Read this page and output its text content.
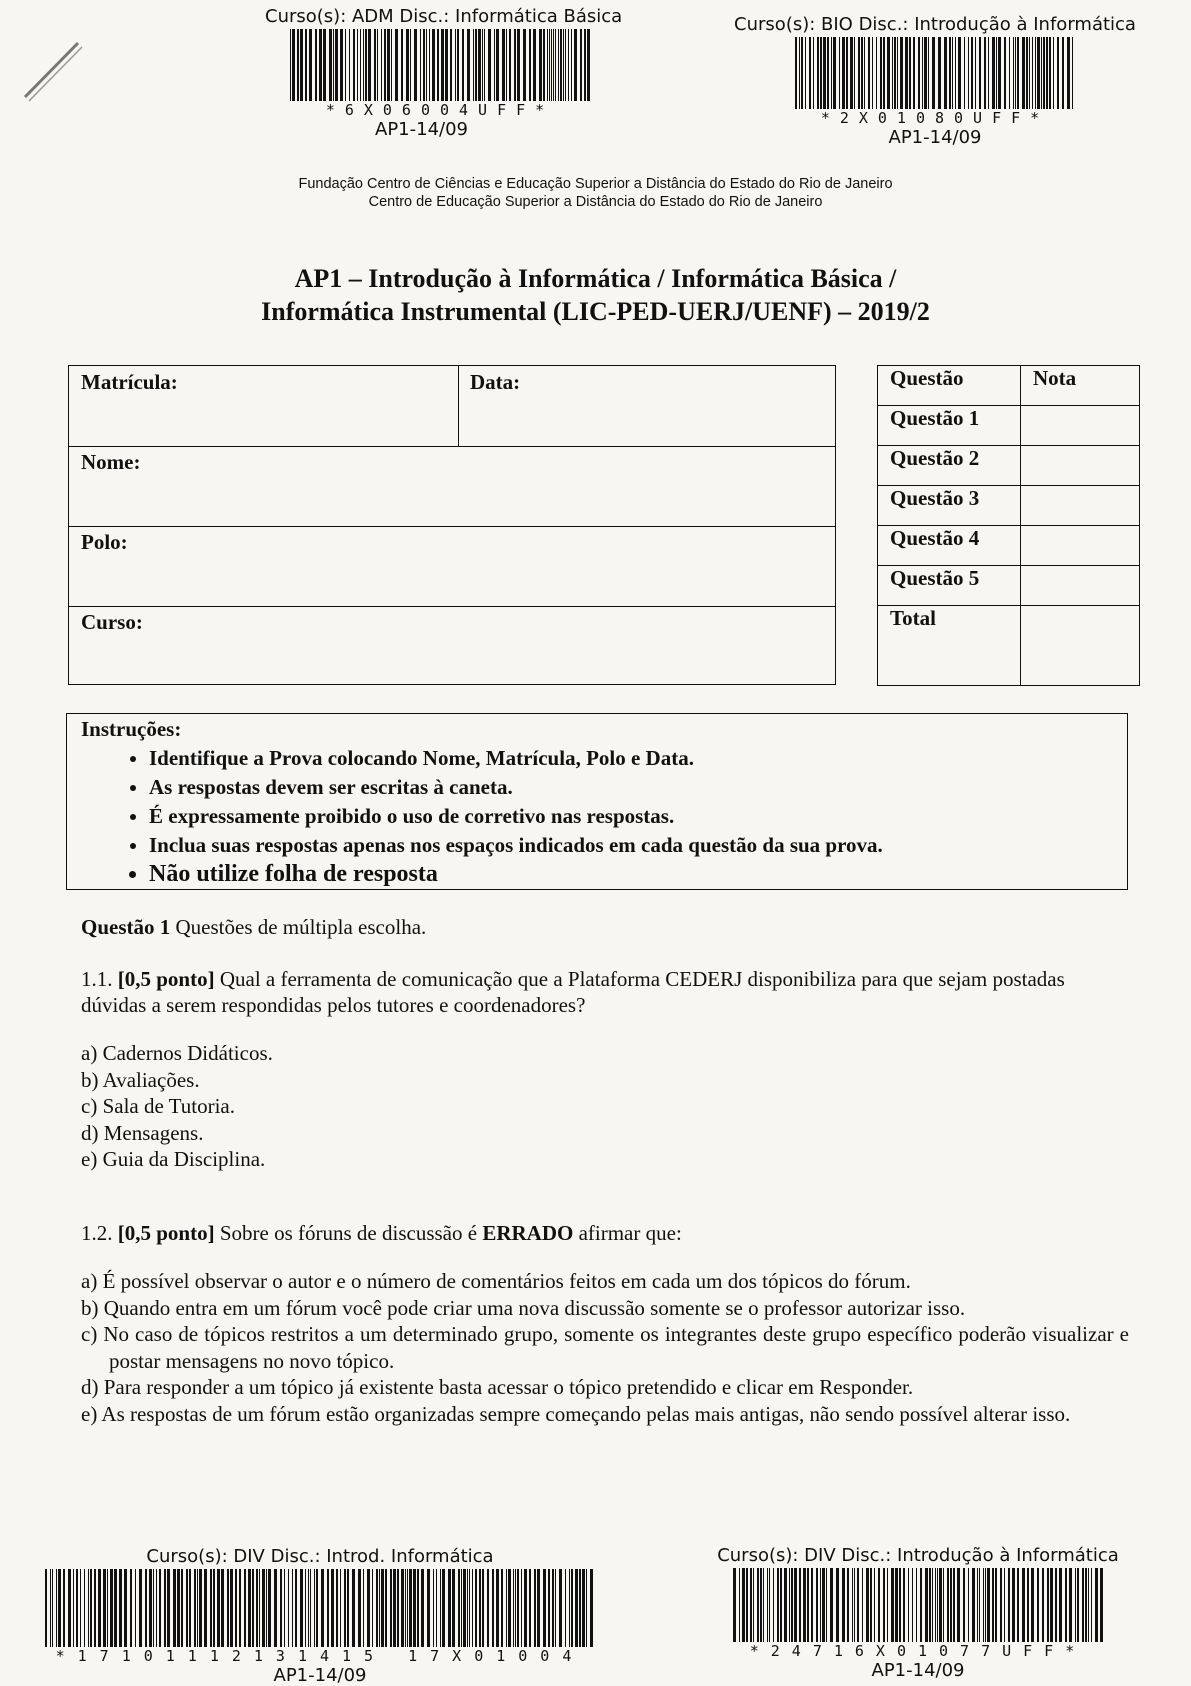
Curso(s): ADM Disc.: Informática Básica
*6X06004UFF*
AP1-14/09
Curso(s): BIO Disc.: Introdução à Informática
*2X01080UFF*
AP1-14/09
Fundação Centro de Ciências e Educação Superior a Distância do Estado do Rio de Janeiro
Centro de Educação Superior a Distância do Estado do Rio de Janeiro
AP1 – Introdução à Informática / Informática Básica /
Informática Instrumental (LIC-PED-UERJ/UENF) – 2019/2
Matrícula:	Data:
Nome:
Polo:
Curso:
Questão	Nota
Questão 1	
Questão 2	
Questão 3	
Questão 4	
Questão 5	
Total	
Instruções:
• Identifique a Prova colocando Nome, Matrícula, Polo e Data.
• As respostas devem ser escritas à caneta.
• É expressamente proibido o uso de corretivo nas respostas.
• Inclua suas respostas apenas nos espaços indicados em cada questão da sua prova.
• Não utilize folha de resposta
Questão 1 Questões de múltipla escolha.
1.1. [0,5 ponto] Qual a ferramenta de comunicação que a Plataforma CEDERJ disponibiliza para que sejam postadas dúvidas a serem respondidas pelos tutores e coordenadores?
a) Cadernos Didáticos.
b) Avaliações.
c) Sala de Tutoria.
d) Mensagens.
e) Guia da Disciplina.
1.2. [0,5 ponto] Sobre os fóruns de discussão é ERRADO afirmar que:
a) É possível observar o autor e o número de comentários feitos em cada um dos tópicos do fórum.
b) Quando entra em um fórum você pode criar uma nova discussão somente se o professor autorizar isso.
c) No caso de tópicos restritos a um determinado grupo, somente os integrantes deste grupo específico poderão visualizar e postar mensagens no novo tópico.
d) Para responder a um tópico já existente basta acessar o tópico pretendido e clicar em Responder.
e) As respostas de um fórum estão organizadas sempre começando pelas mais antigas, não sendo possível alterar isso.
Curso(s): DIV Disc.: Introd. Informática
*17101112131415 17X01004
AP1-14/09
Curso(s): DIV Disc.: Introdução à Informática
*24716X01077UFF*
AP1-14/09
